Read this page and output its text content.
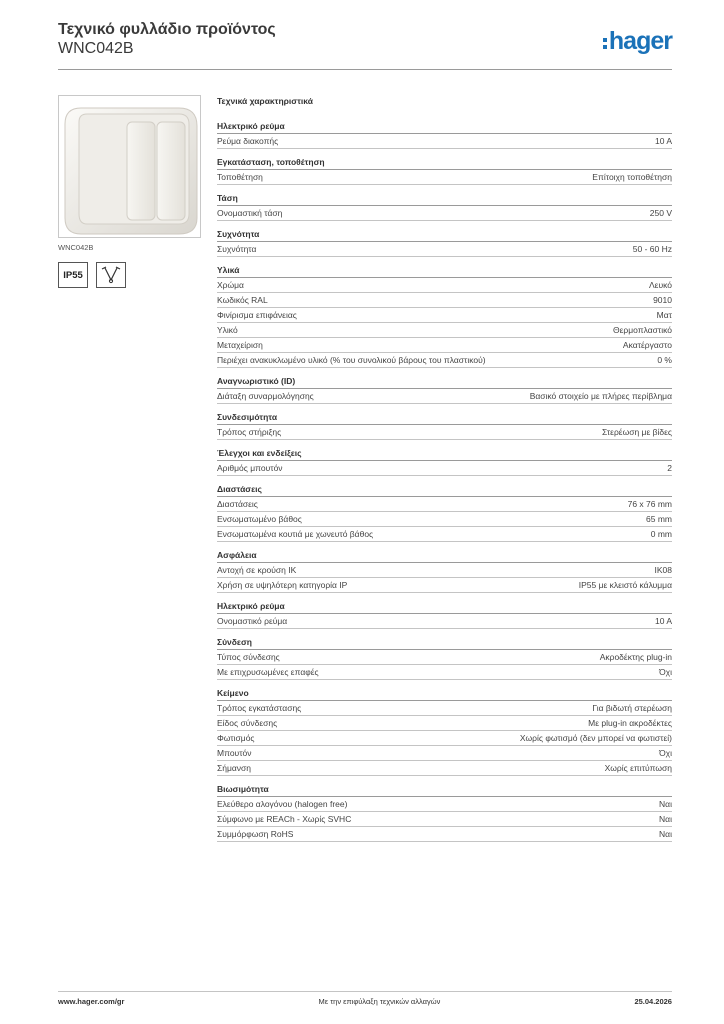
Τεχνικό φυλλάδιο προϊόντος
WNC042B	hager
WNC042B
IP55
Τεχνικά χαρακτηριστικά
Ηλεκτρικό ρεύμα
Ρεύμα διακοπής	10 A
Εγκατάσταση, τοποθέτηση
Τοποθέτηση	Επίτοιχη τοποθέτηση
Τάση
Ονομαστική τάση	250 V
Συχνότητα
Συχνότητα	50 - 60 Hz
Υλικά
Χρώμα	Λευκό
Κωδικός RAL	9010
Φινίρισμα επιφάνειας	Ματ
Υλικό	Θερμοπλαστικό
Μεταχείριση	Ακατέργαστο
Περιέχει ανακυκλωμένο υλικό (% του συνολικού βάρους του πλαστικού)	0 %
Αναγνωριστικό (ID)
Διάταξη συναρμολόγησης	Βασικό στοιχείο με πλήρες περίβλημα
Συνδεσιμότητα
Τρόπος στήριξης	Στερέωση με βίδες
Έλεγχοι και ενδείξεις
Αριθμός μπουτόν	2
Διαστάσεις
Διαστάσεις	76 x 76 mm
Ενσωματωμένο βάθος	65 mm
Ενσωματωμένα κουτιά με χωνευτό βάθος	0 mm
Ασφάλεια
Αντοχή σε κρούση IK	IK08
Χρήση σε υψηλότερη κατηγορία IP	IP55 με κλειστό κάλυμμα
Ηλεκτρικό ρεύμα
Ονομαστικό ρεύμα	10 A
Σύνδεση
Τύπος σύνδεσης	Ακροδέκτης plug-in
Με επιχρυσωμένες επαφές	Όχι
Κείμενο
Τρόπος εγκατάστασης	Για βιδωτή στερέωση
Είδος σύνδεσης	Με plug-in ακροδέκτες
Φωτισμός	Χωρίς φωτισμό (δεν μπορεί να φωτιστεί)
Μπουτόν	Όχι
Σήμανση	Χωρίς επιτύπωση
Βιωσιμότητα
Ελεύθερο αλογόνου (halogen free)	Ναι
Σύμφωνο με REACh - Χωρίς SVHC	Ναι
Συμμόρφωση RoHS	Ναι
www.hager.com/gr	Με την επιφύλαξη τεχνικών αλλαγών	25.04.2026
